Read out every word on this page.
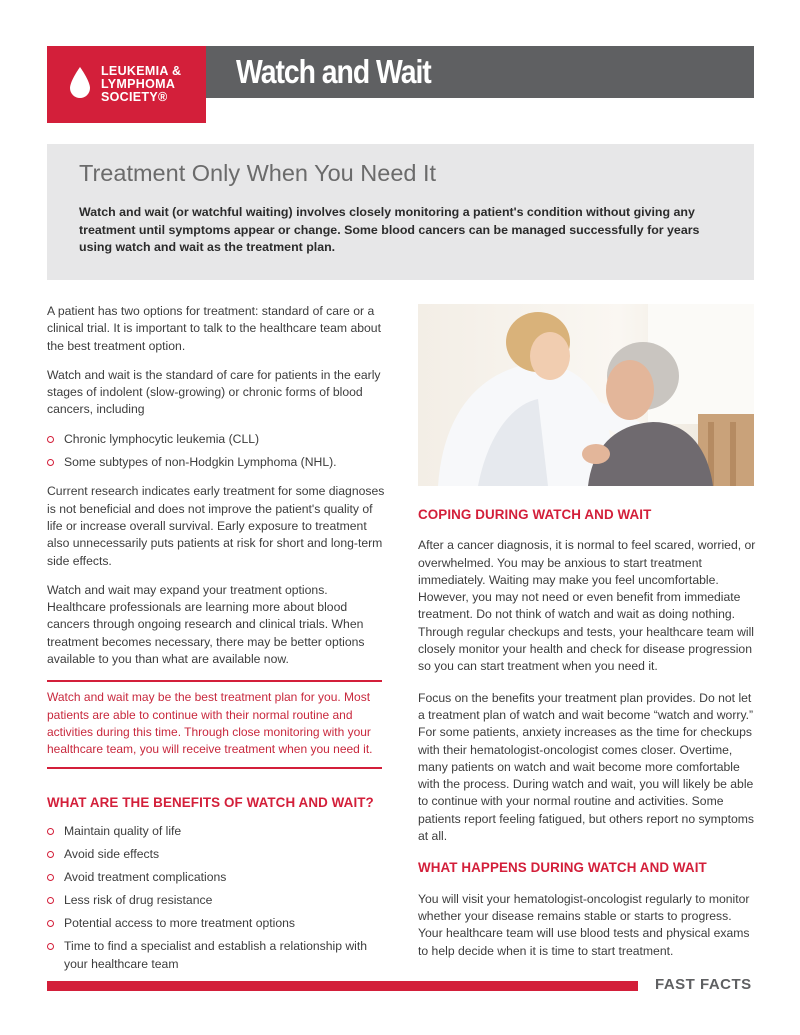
LEUKEMIA &
LYMPHOMA
SOCIETY®
Watch and Wait
Treatment Only When You Need It
Watch and wait (or watchful waiting) involves closely monitoring a patient's condition without giving any treatment until symptoms appear or change. Some blood cancers can be managed successfully for years using watch and wait as the treatment plan.

A patient has two options for treatment: standard of care or a clinical trial. It is important to talk to the healthcare team about the best treatment option.

Watch and wait is the standard of care for patients in the early stages of indolent (slow-growing) or chronic forms of blood cancers, including

Chronic lymphocytic leukemia (CLL)
Some subtypes of non-Hodgkin Lymphoma (NHL).

Current research indicates early treatment for some diagnoses is not beneficial and does not improve the patient's quality of life or increase overall survival. Early exposure to treatment also unnecessarily puts patients at risk for short and long-term side effects.

Watch and wait may expand your treatment options. Healthcare professionals are learning more about blood cancers through ongoing research and clinical trials. When treatment becomes necessary, there may be better options available to you than what are available now.

Watch and wait may be the best treatment plan for you. Most patients are able to continue with their normal routine and activities during this time. Through close monitoring with your healthcare team, you will receive treatment when you need it.
WHAT ARE THE BENEFITS OF WATCH AND WAIT?
Maintain quality of life
Avoid side effects
Avoid treatment complications
Less risk of drug resistance
Potential access to more treatment options
Time to find a specialist and establish a relationship with your healthcare team
COPING DURING WATCH AND WAIT

After a cancer diagnosis, it is normal to feel scared, worried, or overwhelmed. You may be anxious to start treatment immediately. Waiting may make you feel uncomfortable. However, you may not need or even benefit from immediate treatment. Do not think of watch and wait as doing nothing. Through regular checkups and tests, your healthcare team will closely monitor your health and check for disease progression so you can start treatment when you need it.

Focus on the benefits your treatment plan provides. Do not let a treatment plan of watch and wait become “watch and worry.” For some patients, anxiety increases as the time for checkups with their hematologist-oncologist comes closer. Overtime, many patients on watch and wait become more comfortable with the process. During watch and wait, you will likely be able to continue with your normal routine and activities. Some patients report feeling fatigued, but others report no symptoms at all.

WHAT HAPPENS DURING WATCH AND WAIT

You will visit your hematologist-oncologist regularly to monitor whether your disease remains stable or starts to progress. Your healthcare team will use blood tests and physical exams to help decide when it is time to start treatment.

FAST FACTS
